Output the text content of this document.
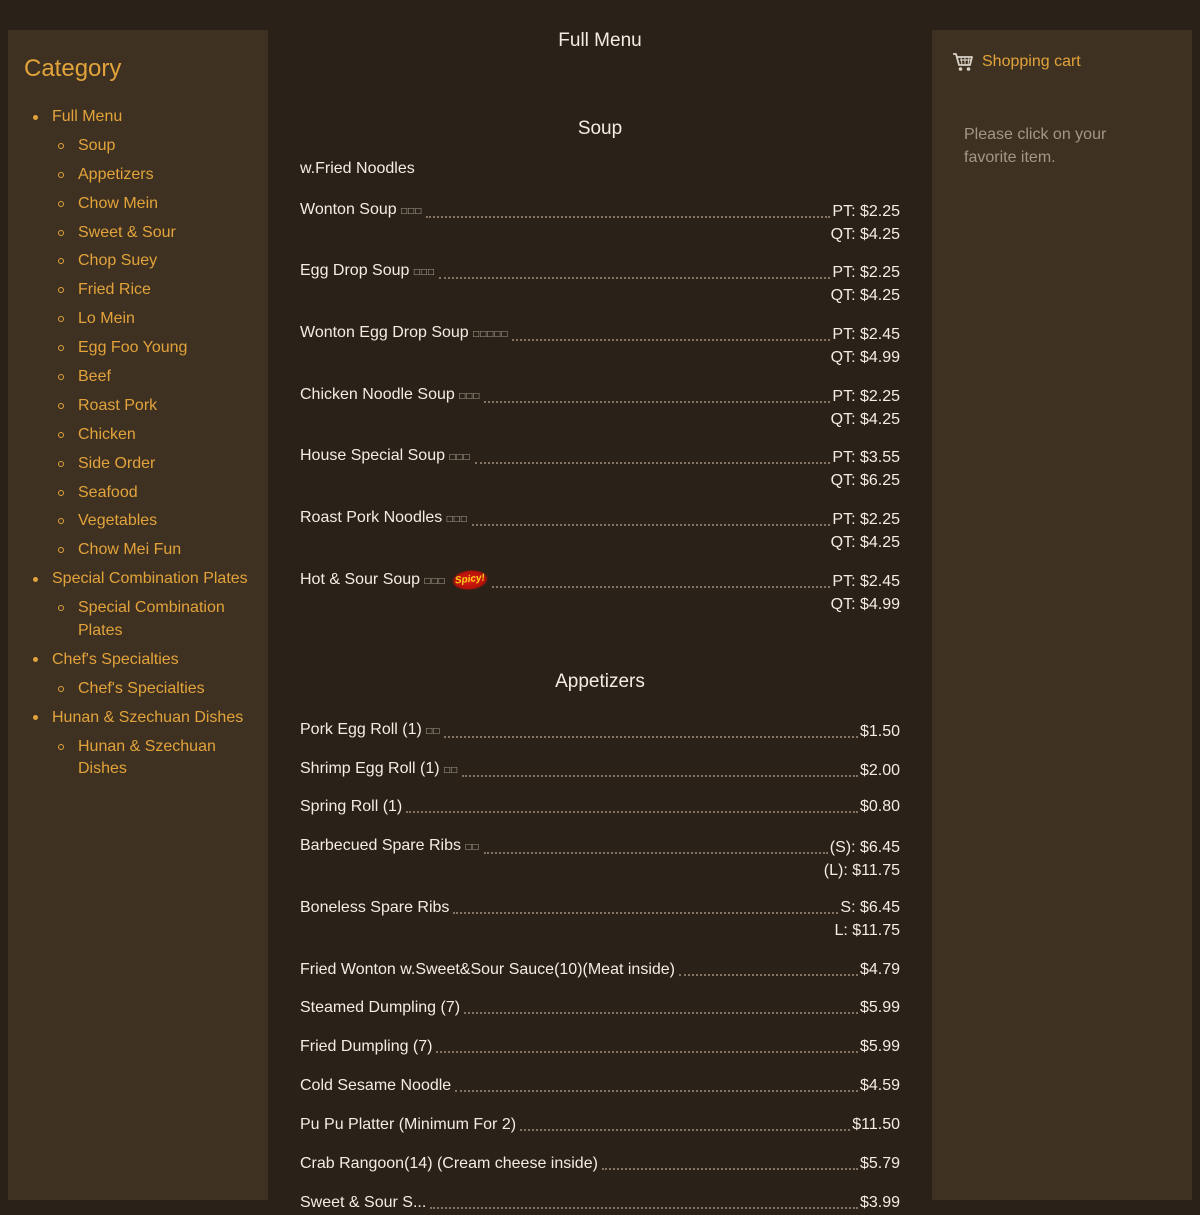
Category
Full Menu
Soup
Appetizers
Chow Mein
Sweet & Sour
Chop Suey
Fried Rice
Lo Mein
Egg Foo Young
Beef
Roast Pork
Chicken
Side Order
Seafood
Vegetables
Chow Mei Fun
Special Combination Plates
Special Combination Plates
Chef's Specialties
Chef's Specialties
Hunan & Szechuan Dishes
Hunan & Szechuan Dishes
Full Menu
Soup
w.Fried Noodles
Wonton Soup □□□	PT: $2.25
QT: $4.25
Egg Drop Soup □□□	PT: $2.25
QT: $4.25
Wonton Egg Drop Soup □□□□□	PT: $2.45
QT: $4.99
Chicken Noodle Soup □□□	PT: $2.25
QT: $4.25
House Special Soup □□□	PT: $3.55
QT: $6.25
Roast Pork Noodles □□□	PT: $2.25
QT: $4.25
Hot & Sour Soup □□□ Spicy!	PT: $2.45
QT: $4.99
Appetizers
Pork Egg Roll (1) □□	$1.50
Shrimp Egg Roll (1) □□	$2.00
Spring Roll (1)	$0.80
Barbecued Spare Ribs □□	(S): $6.45
(L): $11.75
Boneless Spare Ribs	S: $6.45
L: $11.75
Fried Wonton w.Sweet&Sour Sauce(10)(Meat inside)	$4.79
Steamed Dumpling (7)	$5.99
Fried Dumpling (7)	$5.99
Cold Sesame Noodle	$4.59
Pu Pu Platter (Minimum For 2)	$11.50
Crab Rangoon(14) (Cream cheese inside)	$5.79
Sweet & Sour S...	$3.99
Shopping cart
Please click on your favorite item.
